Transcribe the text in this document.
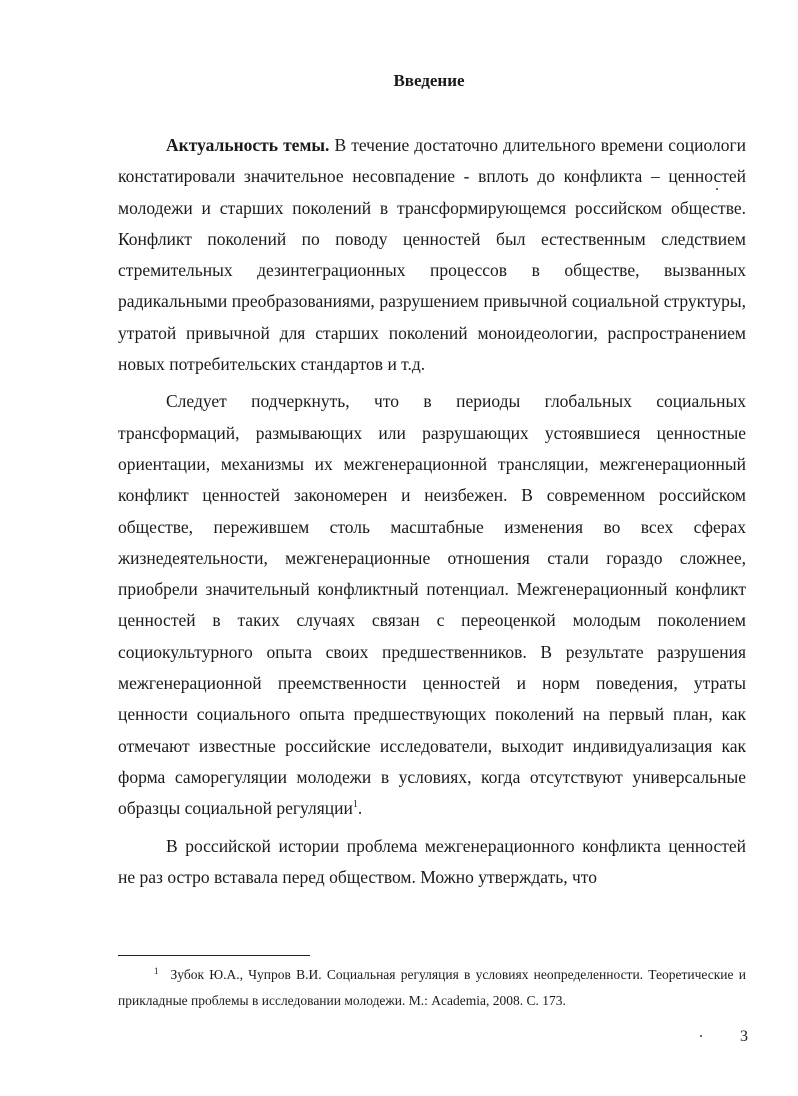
Введение

Актуальность темы. В течение достаточно длительного времени социологи констатировали значительное несовпадение - вплоть до конфликта – ценностей молодежи и старших поколений в трансформирующемся российском обществе. Конфликт поколений по поводу ценностей был естественным следствием стремительных дезинтеграционных процессов в обществе, вызванных радикальными преобразованиями, разрушением привычной социальной структуры, утратой привычной для старших поколений моноидеологии, распространением новых потребительских стандартов и т.д.

Следует подчеркнуть, что в периоды глобальных социальных трансформаций, размывающих или разрушающих устоявшиеся ценностные ориентации, механизмы их межгенерационной трансляции, межгенерационный конфликт ценностей закономерен и неизбежен. В современном российском обществе, пережившем столь масштабные изменения во всех сферах жизнедеятельности, межгенерационные отношения стали гораздо сложнее, приобрели значительный конфликтный потенциал. Межгенерационный конфликт ценностей в таких случаях связан с переоценкой молодым поколением социокультурного опыта своих предшественников. В результате разрушения межгенерационной преемственности ценностей и норм поведения, утраты ценности социального опыта предшествующих поколений на первый план, как отмечают известные российские исследователи, выходит индивидуализация как форма саморегуляции молодежи в условиях, когда отсутствуют универсальные образцы социальной регуляции$^1$.

В российской истории проблема межгенерационного конфликта ценностей не раз остро вставала перед обществом. Можно утверждать, что

$^1$ Зубок Ю.А., Чупров В.И. Социальная регуляция в условиях неопределенности. Теоретические и прикладные проблемы в исследовании молодежи. М.: Academia, 2008. С. 173.

3
